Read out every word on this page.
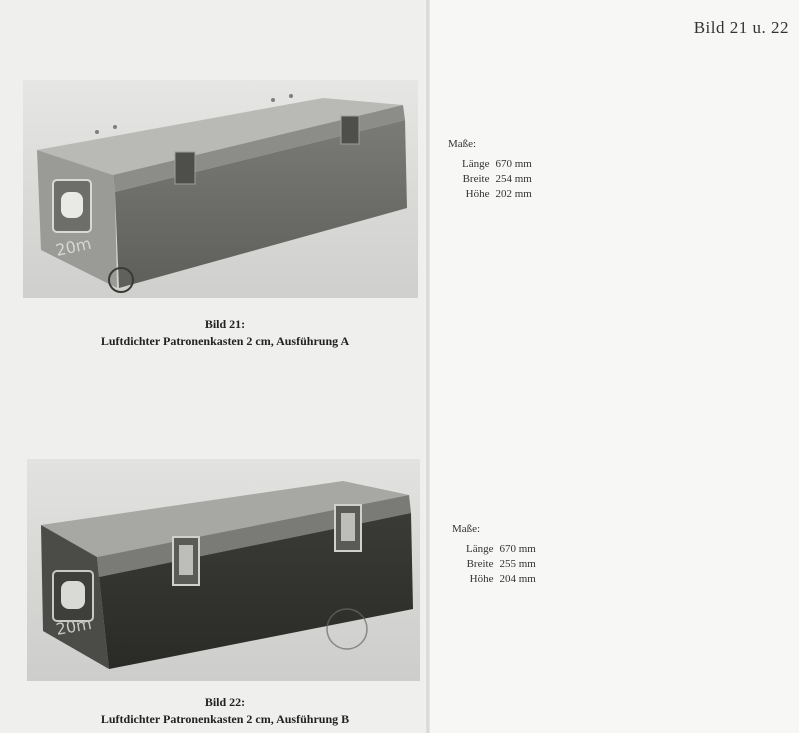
Bild 21 u. 22
20m
Bild 21:
Luftdichter Patronenkasten 2 cm, Ausführung A
Maße:
Länge	670 mm
Breite	254 mm
Höhe	202 mm
20m
Bild 22:
Luftdichter Patronenkasten 2 cm, Ausführung B
Maße:
Länge	670 mm
Breite	255 mm
Höhe	204 mm
